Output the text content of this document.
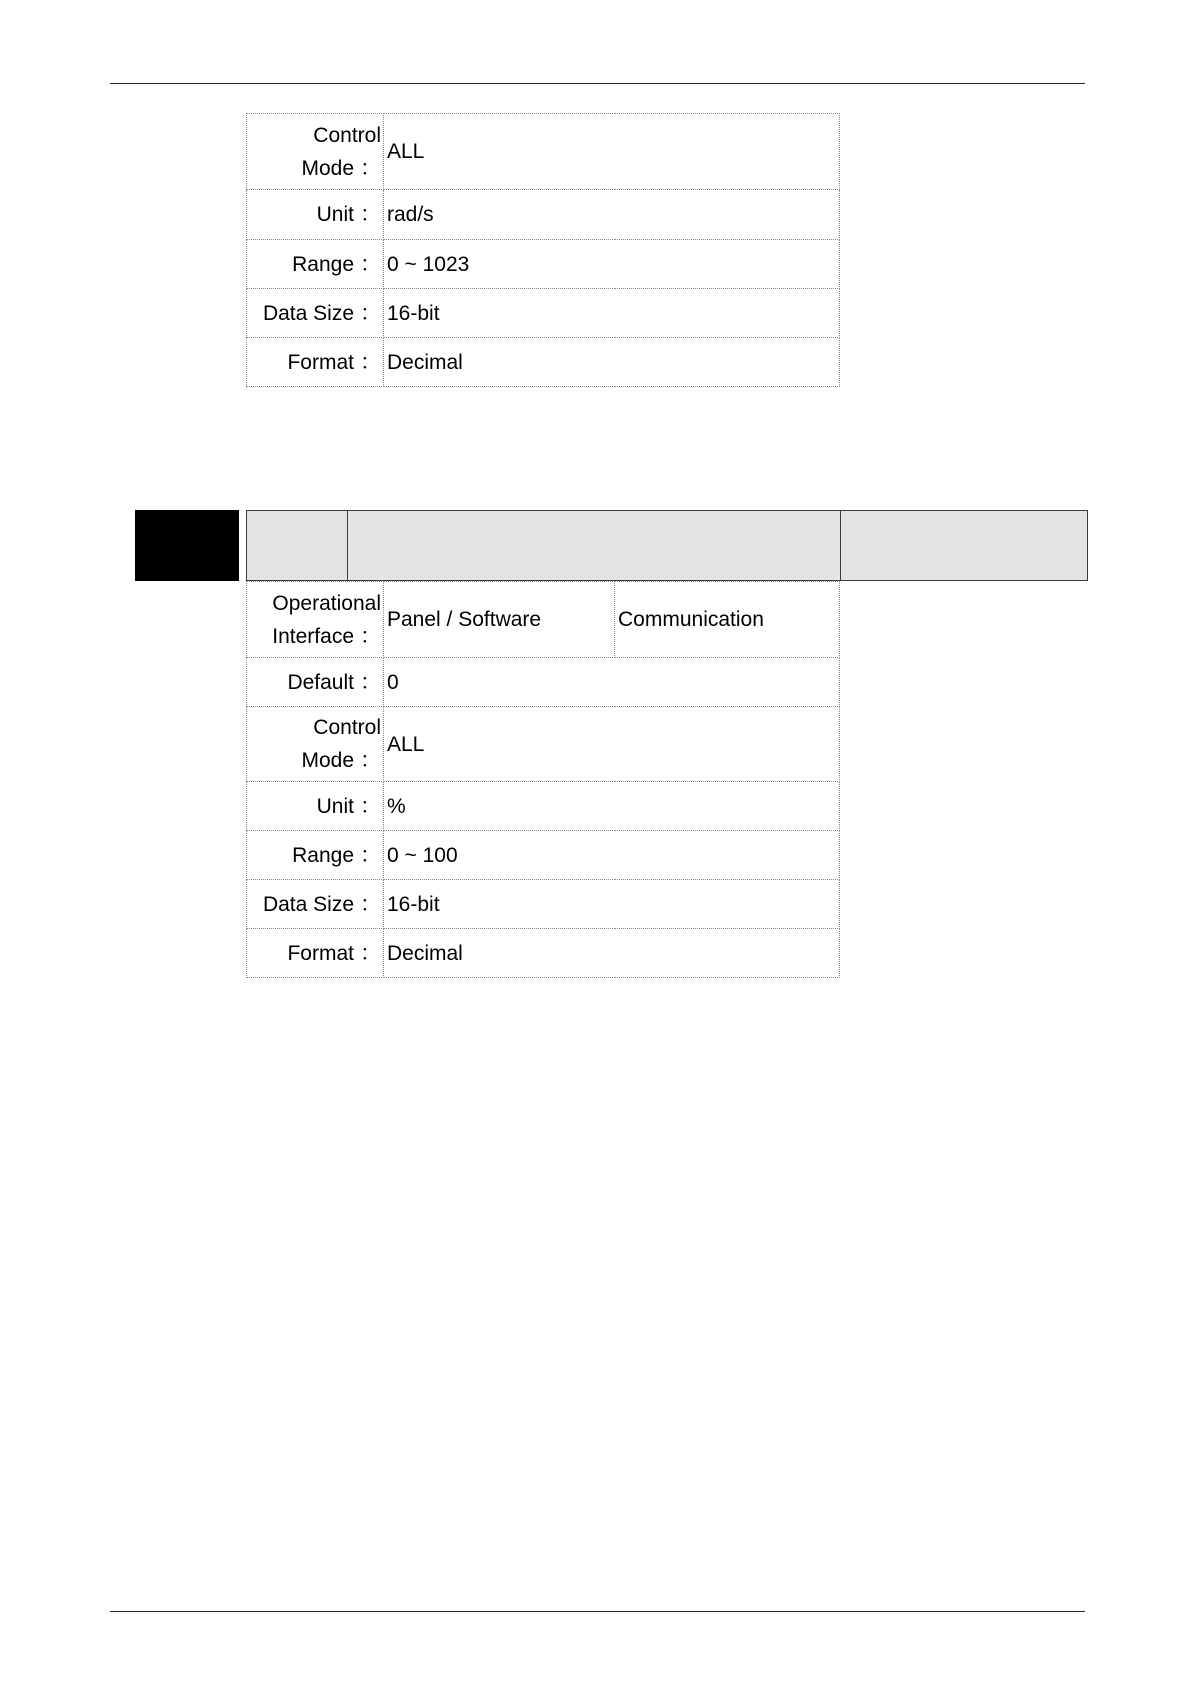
Control
Mode ：	ALL
Unit ：	rad/s
Range ：	0 ~ 1023
Data Size ：	16-bit
Format ：	Decimal
Operational
Interface ：	Panel / Software	Communication
Default ：	0	
Control
Mode ：	ALL	
Unit ：	%	
Range ：	0 ~ 100	
Data Size ：	16-bit	
Format ：	Decimal	
